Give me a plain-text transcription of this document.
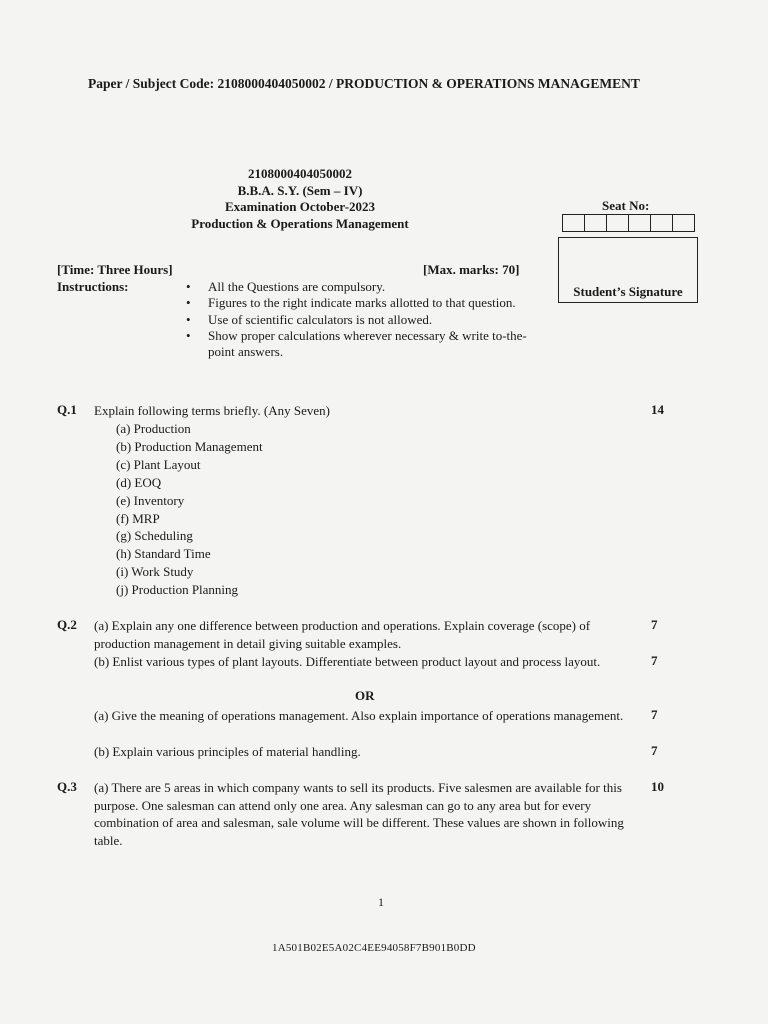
Paper / Subject Code: 2108000404050002 / PRODUCTION & OPERATIONS MANAGEMENT
2108000404050002
B.B.A. S.Y. (Sem – IV)
Examination October-2023
Production & Operations Management
Seat No:
Student’s Signature
[Time: Three Hours]	[Max. marks: 70]
Instructions:	•	All the Questions are compulsory.
•	Figures to the right indicate marks allotted to that question.
•	Use of scientific calculators is not allowed.
•	Show proper calculations wherever necessary & write to-the-point answers.
Q.1 Explain following terms briefly. (Any Seven)	14
(a) Production
(b) Production Management
(c) Plant Layout
(d) EOQ
(e) Inventory
(f) MRP
(g) Scheduling
(h) Standard Time
(i) Work Study
(j) Production Planning
Q.2 (a) Explain any one difference between production and operations. Explain coverage (scope) of production management in detail giving suitable examples.
7
(b) Enlist various types of plant layouts. Differentiate between product layout and process layout.	7
OR
(a) Give the meaning of operations management. Also explain importance of operations management.	7
(b) Explain various principles of material handling.	7
Q.3 (a) There are 5 areas in which company wants to sell its products. Five salesmen are available for this purpose. One salesman can attend only one area. Any salesman can go to any area but for every combination of area and salesman, sale volume will be different. These values are shown in following table.
10
1
1A501B02E5A02C4EE94058F7B901B0DD
